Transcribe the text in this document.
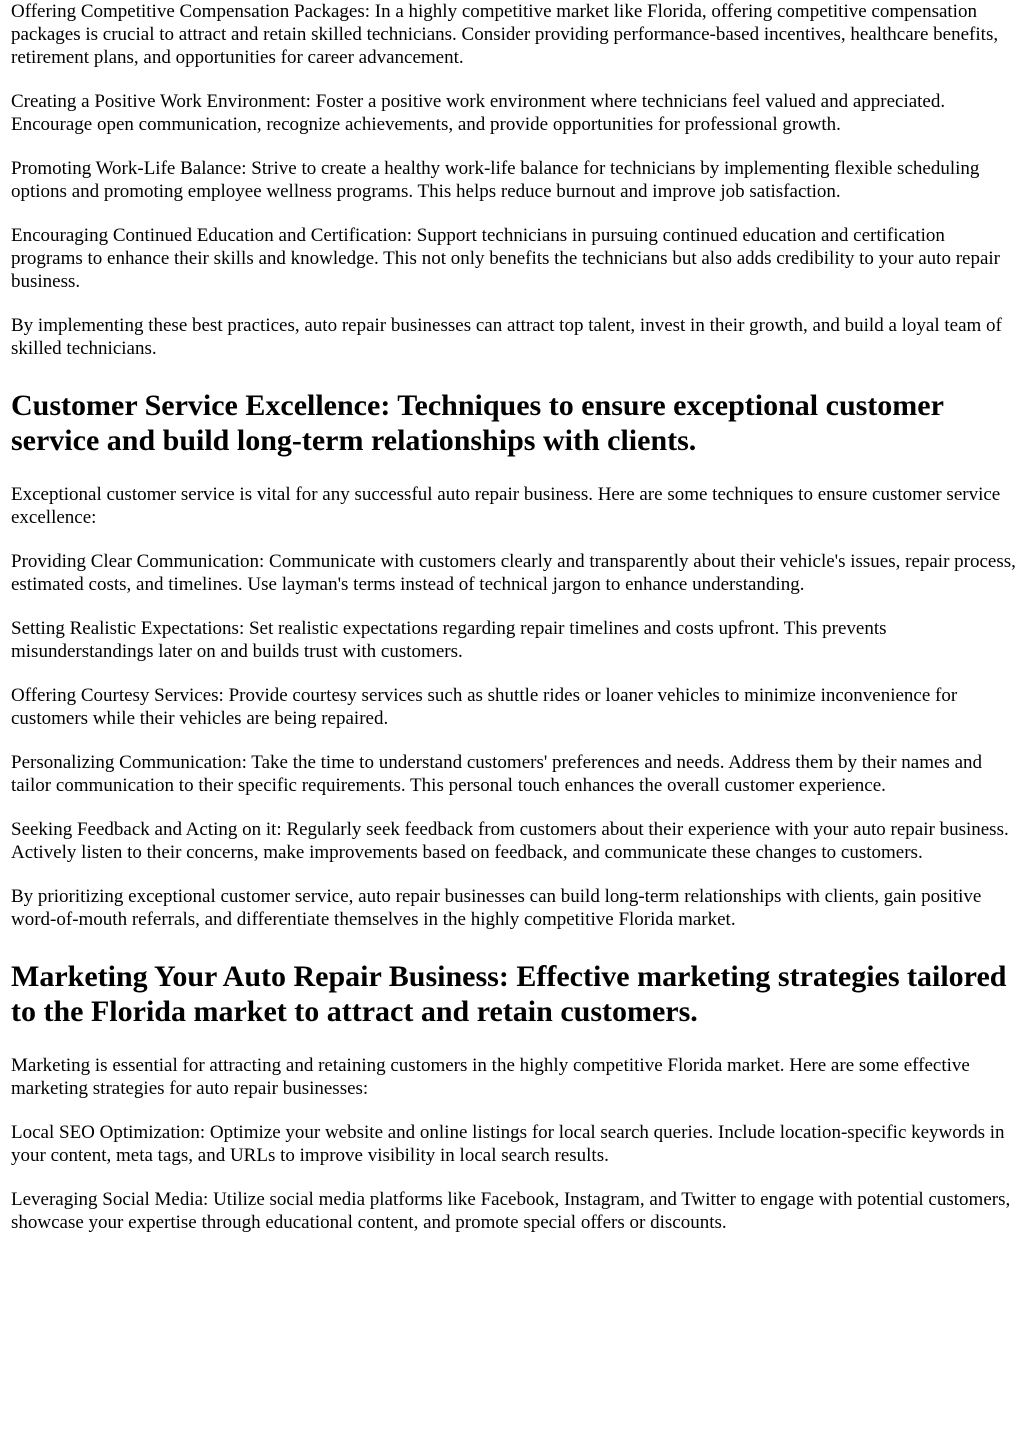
Offering Competitive Compensation Packages: In a highly competitive market like Florida, offering competitive compensation packages is crucial to attract and retain skilled technicians. Consider providing performance-based incentives, healthcare benefits, retirement plans, and opportunities for career advancement.

Creating a Positive Work Environment: Foster a positive work environment where technicians feel valued and appreciated. Encourage open communication, recognize achievements, and provide opportunities for professional growth.

Promoting Work-Life Balance: Strive to create a healthy work-life balance for technicians by implementing flexible scheduling options and promoting employee wellness programs. This helps reduce burnout and improve job satisfaction.

Encouraging Continued Education and Certification: Support technicians in pursuing continued education and certification programs to enhance their skills and knowledge. This not only benefits the technicians but also adds credibility to your auto repair business.

By implementing these best practices, auto repair businesses can attract top talent, invest in their growth, and build a loyal team of skilled technicians.

Customer Service Excellence: Techniques to ensure exceptional customer service and build long-term relationships with clients.

Exceptional customer service is vital for any successful auto repair business. Here are some techniques to ensure customer service excellence:

Providing Clear Communication: Communicate with customers clearly and transparently about their vehicle's issues, repair process, estimated costs, and timelines. Use layman's terms instead of technical jargon to enhance understanding.

Setting Realistic Expectations: Set realistic expectations regarding repair timelines and costs upfront. This prevents misunderstandings later on and builds trust with customers.

Offering Courtesy Services: Provide courtesy services such as shuttle rides or loaner vehicles to minimize inconvenience for customers while their vehicles are being repaired.

Personalizing Communication: Take the time to understand customers' preferences and needs. Address them by their names and tailor communication to their specific requirements. This personal touch enhances the overall customer experience.

Seeking Feedback and Acting on it: Regularly seek feedback from customers about their experience with your auto repair business. Actively listen to their concerns, make improvements based on feedback, and communicate these changes to customers.

By prioritizing exceptional customer service, auto repair businesses can build long-term relationships with clients, gain positive word-of-mouth referrals, and differentiate themselves in the highly competitive Florida market.

Marketing Your Auto Repair Business: Effective marketing strategies tailored to the Florida market to attract and retain customers.

Marketing is essential for attracting and retaining customers in the highly competitive Florida market. Here are some effective marketing strategies for auto repair businesses:

Local SEO Optimization: Optimize your website and online listings for local search queries. Include location-specific keywords in your content, meta tags, and URLs to improve visibility in local search results.

Leveraging Social Media: Utilize social media platforms like Facebook, Instagram, and Twitter to engage with potential customers, showcase your expertise through educational content, and promote special offers or discounts.
